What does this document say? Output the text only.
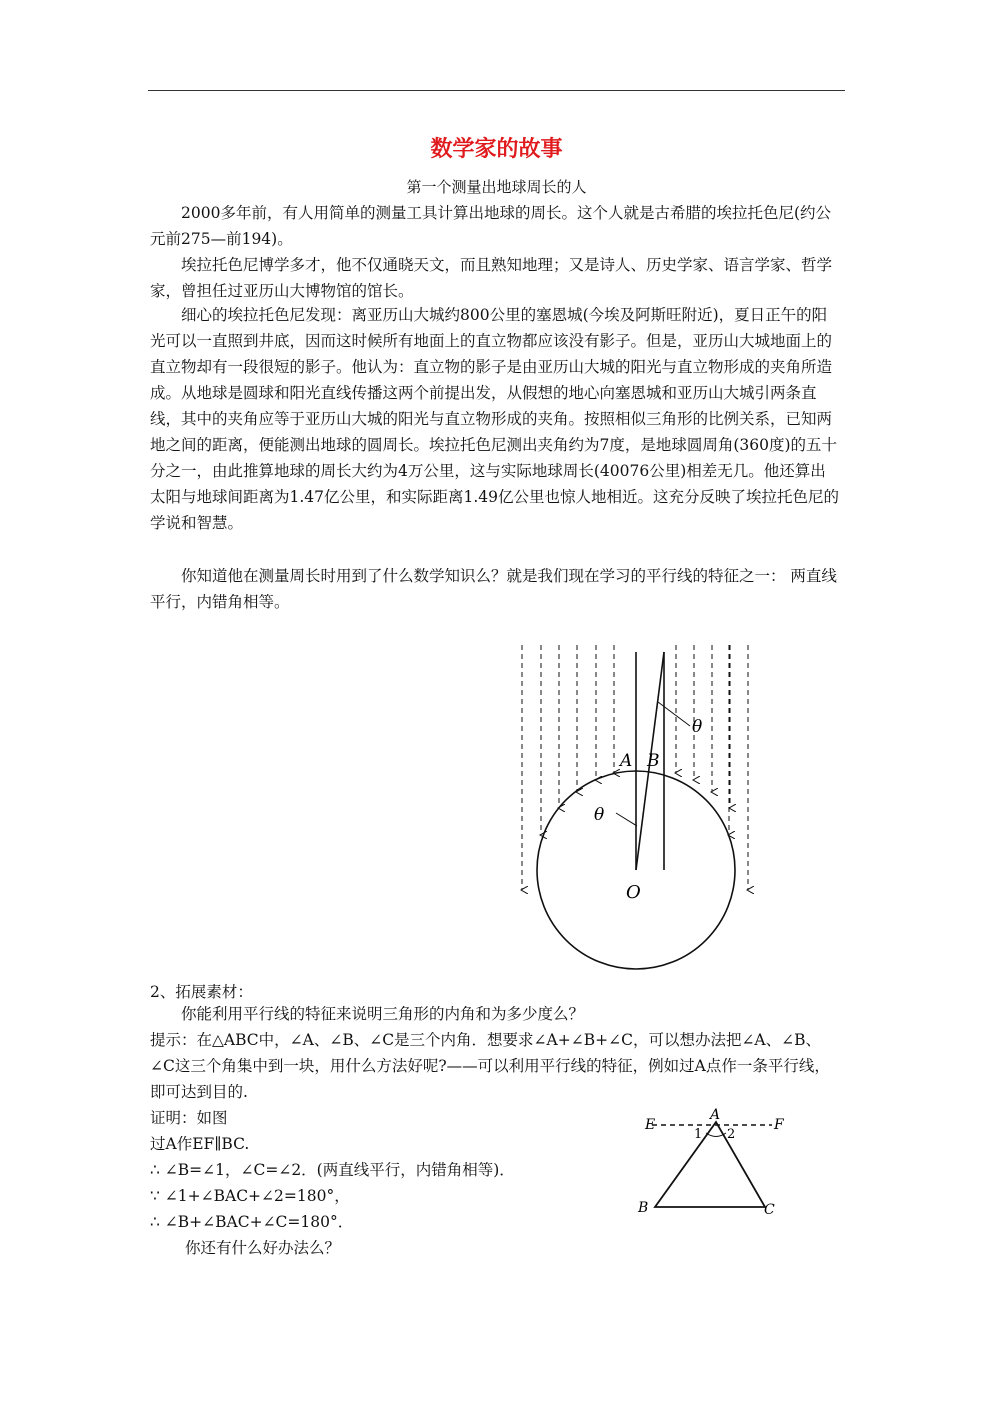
数学家的故事
第一个测量出地球周长的人

2000多年前，有人用简单的测量工具计算出地球的周长。这个人就是古希腊的埃拉托色尼(约公元前275—前194)。

埃拉托色尼博学多才，他不仅通晓天文，而且熟知地理；又是诗人、历史学家、语言学家、哲学家，曾担任过亚历山大博物馆的馆长。

细心的埃拉托色尼发现：离亚历山大城约800公里的塞恩城(今埃及阿斯旺附近)，夏日正午的阳光可以一直照到井底，因而这时候所有地面上的直立物都应该没有影子。但是，亚历山大城地面上的直立物却有一段很短的影子。他认为：直立物的影子是由亚历山大城的阳光与直立物形成的夹角所造成。从地球是圆球和阳光直线传播这两个前提出发，从假想的地心向塞恩城和亚历山大城引两条直线，其中的夹角应等于亚历山大城的阳光与直立物形成的夹角。按照相似三角形的比例关系，已知两地之间的距离，便能测出地球的圆周长。埃拉托色尼测出夹角约为7度，是地球圆周角(360度)的五十分之一，由此推算地球的周长大约为4万公里，这与实际地球周长(40076公里)相差无几。他还算出太阳与地球间距离为1.47亿公里，和实际距离1.49亿公里也惊人地相近。这充分反映了埃拉托色尼的学说和智慧。

你知道他在测量周长时用到了什么数学知识么？就是我们现在学习的平行线的特征之一： 两直线平行，内错角相等。

θ
A B
θ
O
2、拓展素材：

你能利用平行线的特征来说明三角形的内角和为多少度么？

提示：在△ABC中，∠A、∠B、∠C是三个内角．想要求∠A+∠B+∠C，可以想办法把∠A、∠B、∠C这三个角集中到一块，用什么方法好呢?——可以利用平行线的特征，例如过A点作一条平行线，即可达到目的.

证明：如图
过A作EF∥BC.
∴ ∠B=∠1，∠C=∠2．(两直线平行，内错角相等)．
∵ ∠1+∠BAC+∠2=180°，
∴ ∠B+∠BAC+∠C=180°．
你还有什么好办法么？
E
A
F
1 2
B	C
